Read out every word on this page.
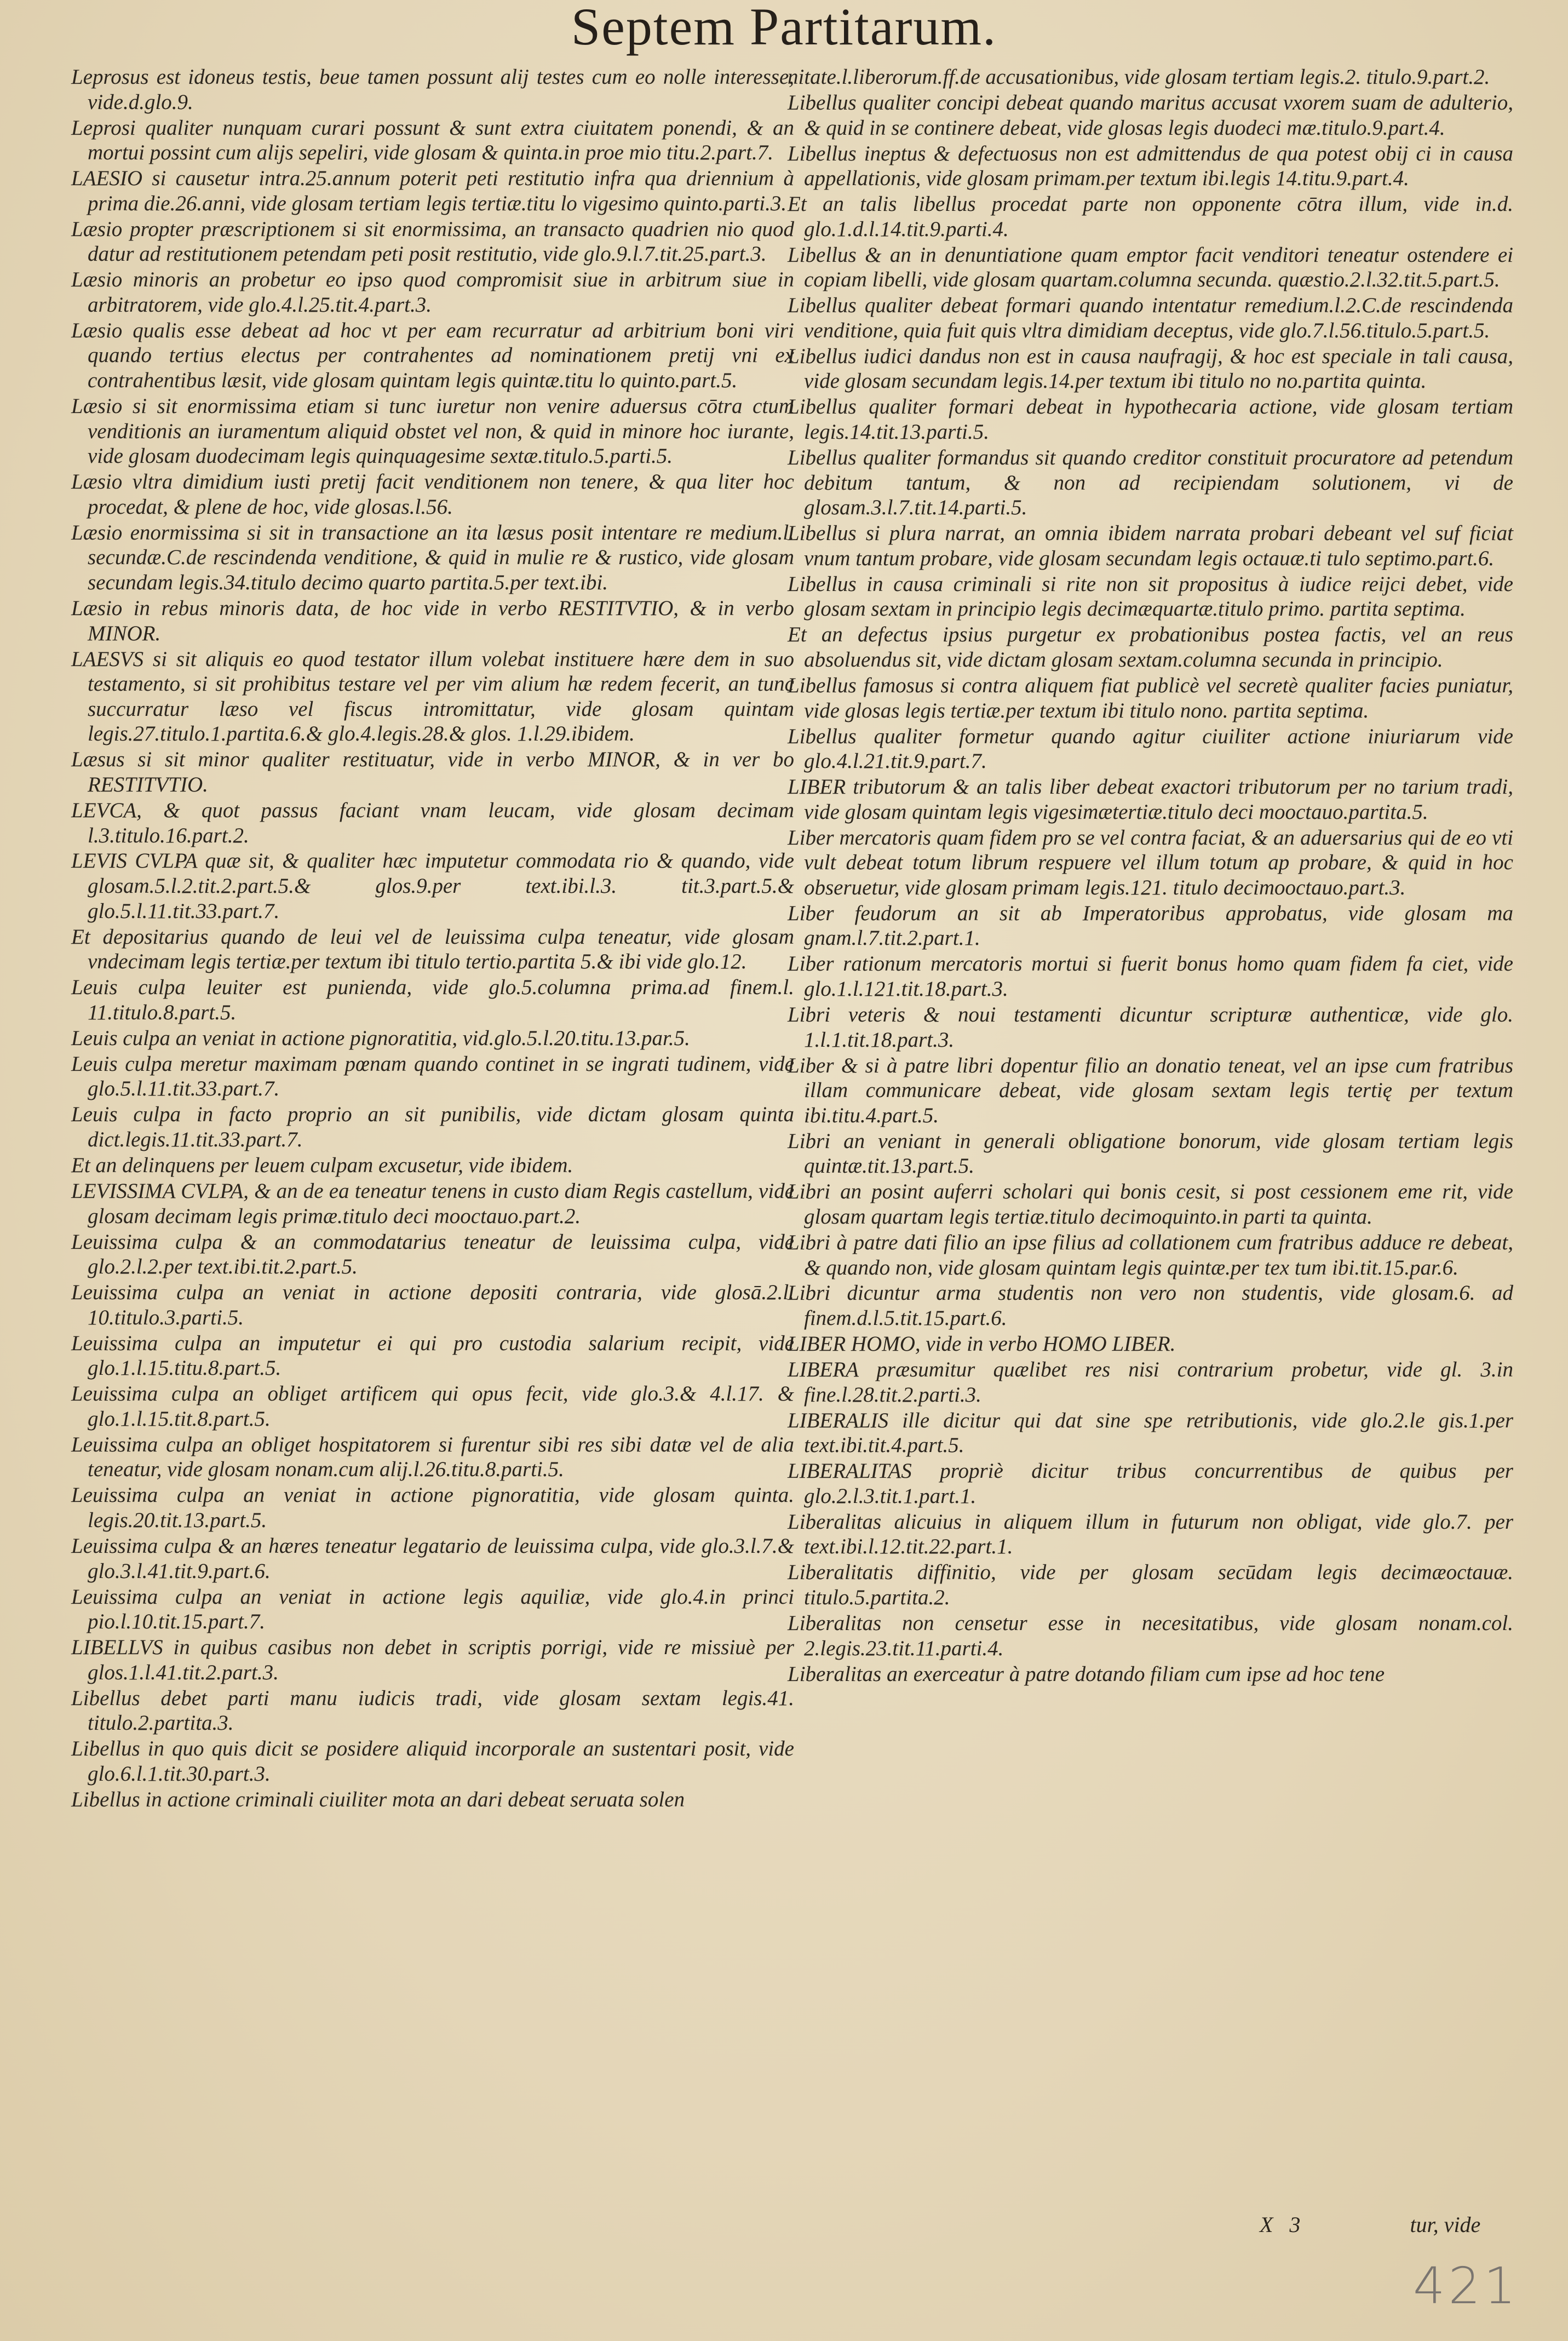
Septem Partitarum.

Leprosus est idoneus testis, beue tamen possunt alij testes cum eo nolle interesse, vide.d.glo.9.

Leprosi qualiter nunquam curari possunt & sunt extra ciuitatem ponendi, & an mortui possint cum alijs sepeliri, vide glosam & quinta.in proe mio titu.2.part.7.

LAESIO si causetur intra.25.annum poterit peti restitutio infra qua driennium à prima die.26.anni, vide glosam tertiam legis tertiæ.titu lo vigesimo quinto.parti.3.

Læsio propter præscriptionem si sit enormissima, an transacto quadrien nio quod datur ad restitutionem petendam peti posit restitutio, vide glo.9.l.7.tit.25.part.3.

Læsio minoris an probetur eo ipso quod compromisit siue in arbitrum siue in arbitratorem, vide glo.4.l.25.tit.4.part.3.

Læsio qualis esse debeat ad hoc vt per eam recurratur ad arbitrium boni viri quando tertius electus per contrahentes ad nominationem pretij vni ex contrahentibus læsit, vide glosam quintam legis quintæ.titu lo quinto.part.5.

Læsio si sit enormissima etiam si tunc iuretur non venire aduersus cōtra ctum venditionis an iuramentum aliquid obstet vel non, & quid in minore hoc iurante, vide glosam duodecimam legis quinquagesime sextæ.titulo.5.parti.5.

Læsio vltra dimidium iusti pretij facit venditionem non tenere, & qua liter hoc procedat, & plene de hoc, vide glosas.l.56.

Læsio enormissima si sit in transactione an ita læsus posit intentare re medium.l. secundæ.C.de rescindenda venditione, & quid in mulie re & rustico, vide glosam secundam legis.34.titulo decimo quarto partita.5.per text.ibi.

Læsio in rebus minoris data, de hoc vide in verbo RESTITVTIO, & in verbo MINOR.

LAESVS si sit aliquis eo quod testator illum volebat instituere hære dem in suo testamento, si sit prohibitus testare vel per vim alium hæ redem fecerit, an tunc succurratur læso vel fiscus intromittatur, vide glosam quintam legis.27.titulo.1.partita.6.& glo.4.legis.28.& glos. 1.l.29.ibidem.

Læsus si sit minor qualiter restituatur, vide in verbo MINOR, & in ver bo RESTITVTIO.

LEVCA, & quot passus faciant vnam leucam, vide glosam decimam l.3.titulo.16.part.2.

LEVIS CVLPA quæ sit, & qualiter hæc imputetur commodata rio & quando, vide glosam.5.l.2.tit.2.part.5.& glos.9.per text.ibi.l.3. tit.3.part.5.& glo.5.l.11.tit.33.part.7.

Et depositarius quando de leui vel de leuissima culpa teneatur, vide glosam vndecimam legis tertiæ.per textum ibi titulo tertio.partita 5.& ibi vide glo.12.

Leuis culpa leuiter est punienda, vide glo.5.columna prima.ad finem.l. 11.titulo.8.part.5.

Leuis culpa an veniat in actione pignoratitia, vid.glo.5.l.20.titu.13.par.5.

Leuis culpa meretur maximam pœnam quando continet in se ingrati tudinem, vide glo.5.l.11.tit.33.part.7.

Leuis culpa in facto proprio an sit punibilis, vide dictam glosam quinta dict.legis.11.tit.33.part.7.

Et an delinquens per leuem culpam excusetur, vide ibidem.

LEVISSIMA CVLPA, & an de ea teneatur tenens in custo diam Regis castellum, vide glosam decimam legis primæ.titulo deci mooctauo.part.2.

Leuissima culpa & an commodatarius teneatur de leuissima culpa, vide glo.2.l.2.per text.ibi.tit.2.part.5.

Leuissima culpa an veniat in actione depositi contraria, vide glosā.2.l. 10.titulo.3.parti.5.

Leuissima culpa an imputetur ei qui pro custodia salarium recipit, vide glo.1.l.15.titu.8.part.5.

Leuissima culpa an obliget artificem qui opus fecit, vide glo.3.& 4.l.17. & glo.1.l.15.tit.8.part.5.

Leuissima culpa an obliget hospitatorem si furentur sibi res sibi datæ vel de alia teneatur, vide glosam nonam.cum alij.l.26.titu.8.parti.5.

Leuissima culpa an veniat in actione pignoratitia, vide glosam quinta. legis.20.tit.13.part.5.

Leuissima culpa & an hæres teneatur legatario de leuissima culpa, vide glo.3.l.7.& glo.3.l.41.tit.9.part.6.

Leuissima culpa an veniat in actione legis aquiliæ, vide glo.4.in princi pio.l.10.tit.15.part.7.

LIBELLVS in quibus casibus non debet in scriptis porrigi, vide re missiuè per glos.1.l.41.tit.2.part.3.

Libellus debet parti manu iudicis tradi, vide glosam sextam legis.41. titulo.2.partita.3.

Libellus in quo quis dicit se posidere aliquid incorporale an sustentari posit, vide glo.6.l.1.tit.30.part.3.

Libellus in actione criminali ciuiliter mota an dari debeat seruata solen

nitate.l.liberorum.ff.de accusationibus, vide glosam tertiam legis.2. titulo.9.part.2.

Libellus qualiter concipi debeat quando maritus accusat vxorem suam de adulterio, & quid in se continere debeat, vide glosas legis duodeci mæ.titulo.9.part.4.

Libellus ineptus & defectuosus non est admittendus de qua potest obij ci in causa appellationis, vide glosam primam.per textum ibi.legis 14.titu.9.part.4.

Et an talis libellus procedat parte non opponente cōtra illum, vide in.d. glo.1.d.l.14.tit.9.parti.4.

Libellus & an in denuntiatione quam emptor facit venditori teneatur ostendere ei copiam libelli, vide glosam quartam.columna secunda. quæstio.2.l.32.tit.5.part.5.

Libellus qualiter debeat formari quando intentatur remedium.l.2.C.de rescindenda venditione, quia fuit quis vltra dimidiam deceptus, vide glo.7.l.56.titulo.5.part.5.

Libellus iudici dandus non est in causa naufragij, & hoc est speciale in tali causa, vide glosam secundam legis.14.per textum ibi titulo no no.partita quinta.

Libellus qualiter formari debeat in hypothecaria actione, vide glosam tertiam legis.14.tit.13.parti.5.

Libellus qualiter formandus sit quando creditor constituit procuratore ad petendum debitum tantum, & non ad recipiendam solutionem, vi de glosam.3.l.7.tit.14.parti.5.

Libellus si plura narrat, an omnia ibidem narrata probari debeant vel suf ficiat vnum tantum probare, vide glosam secundam legis octauæ.ti tulo septimo.part.6.

Libellus in causa criminali si rite non sit propositus à iudice reijci debet, vide glosam sextam in principio legis decimæquartæ.titulo primo. partita septima.

Et an defectus ipsius purgetur ex probationibus postea factis, vel an reus absoluendus sit, vide dictam glosam sextam.columna secunda in principio.

Libellus famosus si contra aliquem fiat publicè vel secretè qualiter facies puniatur, vide glosas legis tertiæ.per textum ibi titulo nono. partita septima.

Libellus qualiter formetur quando agitur ciuiliter actione iniuriarum vide glo.4.l.21.tit.9.part.7.

LIBER tributorum & an talis liber debeat exactori tributorum per no tarium tradi, vide glosam quintam legis vigesimætertiæ.titulo deci mooctauo.partita.5.

Liber mercatoris quam fidem pro se vel contra faciat, & an aduersarius qui de eo vti vult debeat totum librum respuere vel illum totum ap probare, & quid in hoc obseruetur, vide glosam primam legis.121. titulo decimooctauo.part.3.

Liber feudorum an sit ab Imperatoribus approbatus, vide glosam ma gnam.l.7.tit.2.part.1.

Liber rationum mercatoris mortui si fuerit bonus homo quam fidem fa ciet, vide glo.1.l.121.tit.18.part.3.

Libri veteris & noui testamenti dicuntur scripturæ authenticæ, vide glo. 1.l.1.tit.18.part.3.

Liber & si à patre libri dopentur filio an donatio teneat, vel an ipse cum fratribus illam communicare debeat, vide glosam sextam legis tertię per textum ibi.titu.4.part.5.

Libri an veniant in generali obligatione bonorum, vide glosam tertiam legis quintæ.tit.13.part.5.

Libri an posint auferri scholari qui bonis cesit, si post cessionem eme rit, vide glosam quartam legis tertiæ.titulo decimoquinto.in parti ta quinta.

Libri à patre dati filio an ipse filius ad collationem cum fratribus adduce re debeat, & quando non, vide glosam quintam legis quintæ.per tex tum ibi.tit.15.par.6.

Libri dicuntur arma studentis non vero non studentis, vide glosam.6. ad finem.d.l.5.tit.15.part.6.

LIBER HOMO, vide in verbo HOMO LIBER.

LIBERA præsumitur quælibet res nisi contrarium probetur, vide gl. 3.in fine.l.28.tit.2.parti.3.

LIBERALIS ille dicitur qui dat sine spe retributionis, vide glo.2.le gis.1.per text.ibi.tit.4.part.5.

LIBERALITAS propriè dicitur tribus concurrentibus de quibus per glo.2.l.3.tit.1.part.1.

Liberalitas alicuius in aliquem illum in futurum non obligat, vide glo.7. per text.ibi.l.12.tit.22.part.1.

Liberalitatis diffinitio, vide per glosam secūdam legis decimæoctauæ. titulo.5.partita.2.

Liberalitas non censetur esse in necesitatibus, vide glosam nonam.col. 2.legis.23.tit.11.parti.4.

Liberalitas an exerceatur à patre dotando filiam cum ipse ad hoc tene

X 3	tur, vide
421
